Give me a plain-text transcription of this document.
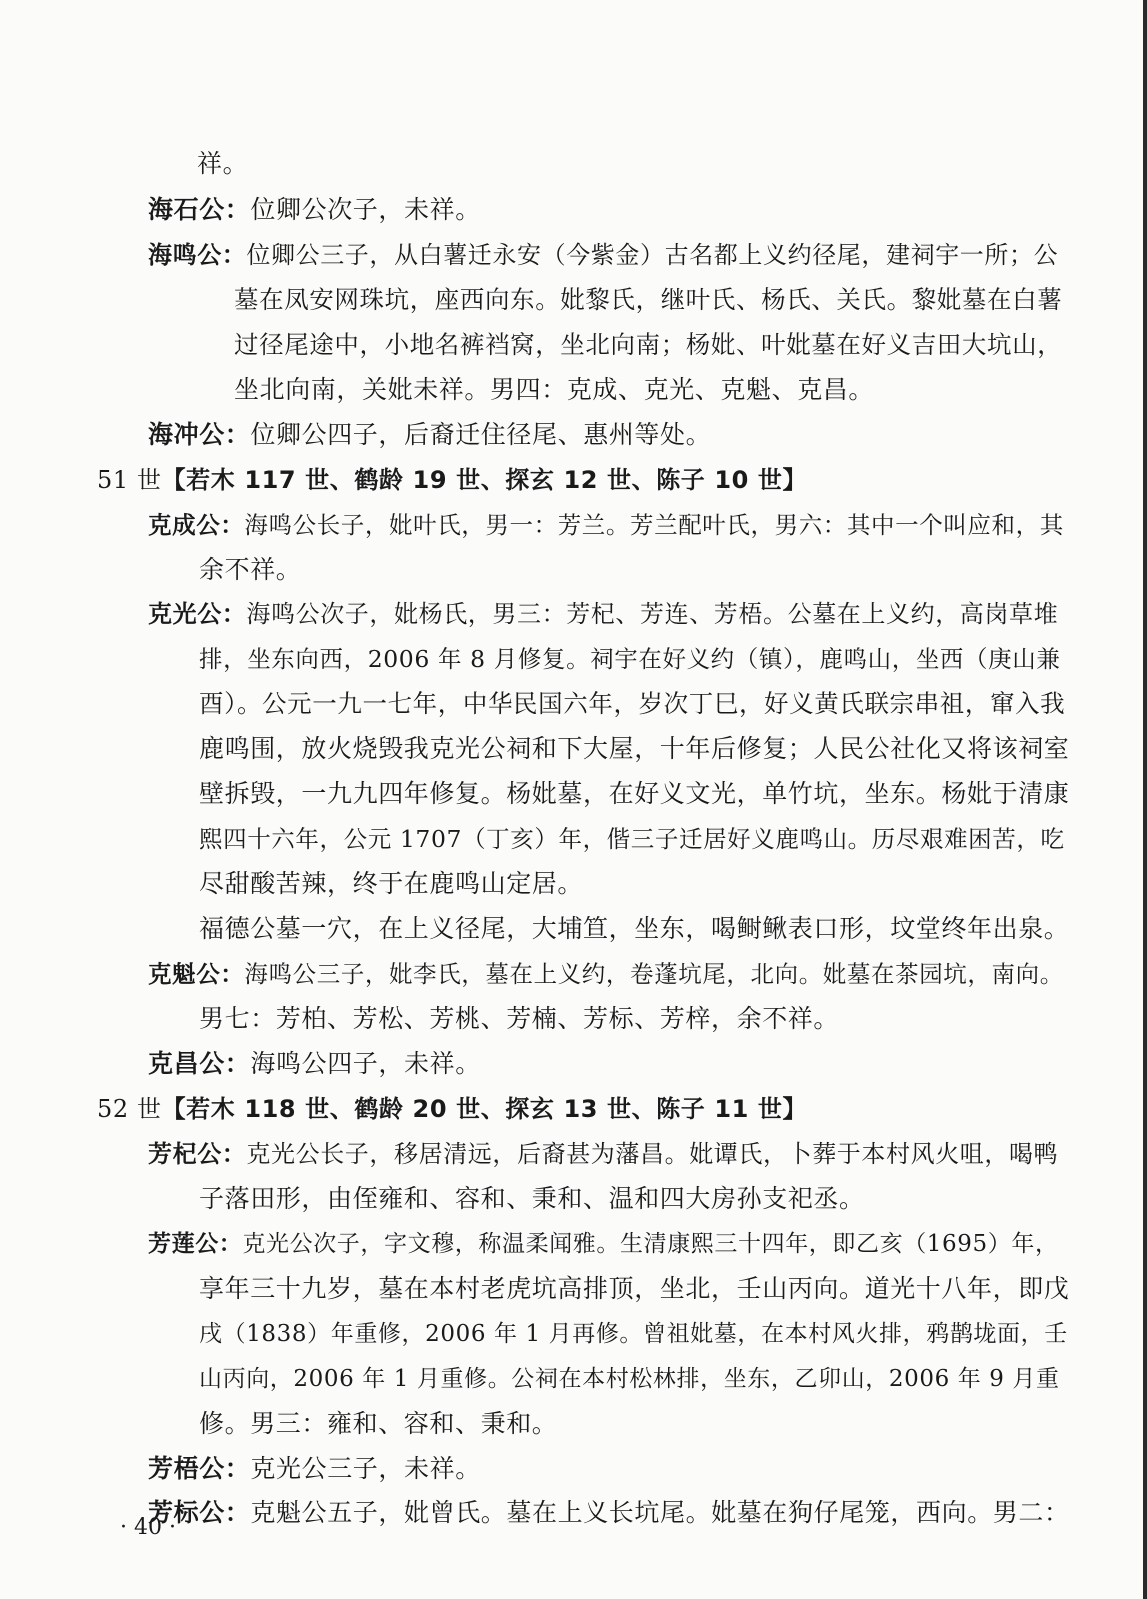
祥。
海石公：位卿公次子，未祥。
海鸣公：位卿公三子，从白薯迁永安（今紫金）古名都上义约径尾，建祠宇一所；公
墓在凤安网珠坑，座西向东。妣黎氏，继叶氏、杨氏、关氏。黎妣墓在白薯
过径尾途中，小地名裤裆窝，坐北向南；杨妣、叶妣墓在好义吉田大坑山，
坐北向南，关妣未祥。男四：克成、克光、克魁、克昌。
海冲公：位卿公四子，后裔迁住径尾、惠州等处。
51 世【若木 117 世、鹤龄 19 世、探玄 12 世、陈子 10 世】
克成公：海鸣公长子，妣叶氏，男一：芳兰。芳兰配叶氏，男六：其中一个叫应和，其
余不祥。
克光公：海鸣公次子，妣杨氏，男三：芳杞、芳连、芳梧。公墓在上义约，高岗草堆
排，坐东向西，2006 年 8 月修复。祠宇在好义约（镇），鹿鸣山，坐西（庚山兼
酉）。公元一九一七年，中华民国六年，岁次丁巳，好义黄氏联宗串祖，窜入我
鹿鸣围，放火烧毁我克光公祠和下大屋，十年后修复；人民公社化又将该祠室
壁拆毁，一九九四年修复。杨妣墓，在好义文光，单竹坑，坐东。杨妣于清康
熙四十六年，公元 1707（丁亥）年，偕三子迁居好义鹿鸣山。历尽艰难困苦，吃
尽甜酸苦辣，终于在鹿鸣山定居。
福德公墓一穴，在上义径尾，大埔笪，坐东，喝鲥鳅表口形，坟堂终年出泉。
克魁公：海鸣公三子，妣李氏，墓在上义约，卷蓬坑尾，北向。妣墓在茶园坑，南向。
男七：芳柏、芳松、芳桃、芳楠、芳标、芳梓，余不祥。
克昌公：海鸣公四子，未祥。
52 世【若木 118 世、鹤龄 20 世、探玄 13 世、陈子 11 世】
芳杞公：克光公长子，移居清远，后裔甚为藩昌。妣谭氏，卜葬于本村风火咀，喝鸭
子落田形，由侄雍和、容和、秉和、温和四大房孙支祀丞。
芳莲公：克光公次子，字文穆，称温柔闻雅。生清康熙三十四年，即乙亥（1695）年，
享年三十九岁，墓在本村老虎坑高排顶，坐北，壬山丙向。道光十八年，即戊
戌（1838）年重修，2006 年 1 月再修。曾祖妣墓，在本村风火排，鸦鹊垅面，壬
山丙向，2006 年 1 月重修。公祠在本村松林排，坐东，乙卯山，2006 年 9 月重
修。男三：雍和、容和、秉和。
芳梧公：克光公三子，未祥。
芳标公：克魁公五子，妣曾氏。墓在上义长坑尾。妣墓在狗仔尾笼，西向。男二：
· 40 ·
